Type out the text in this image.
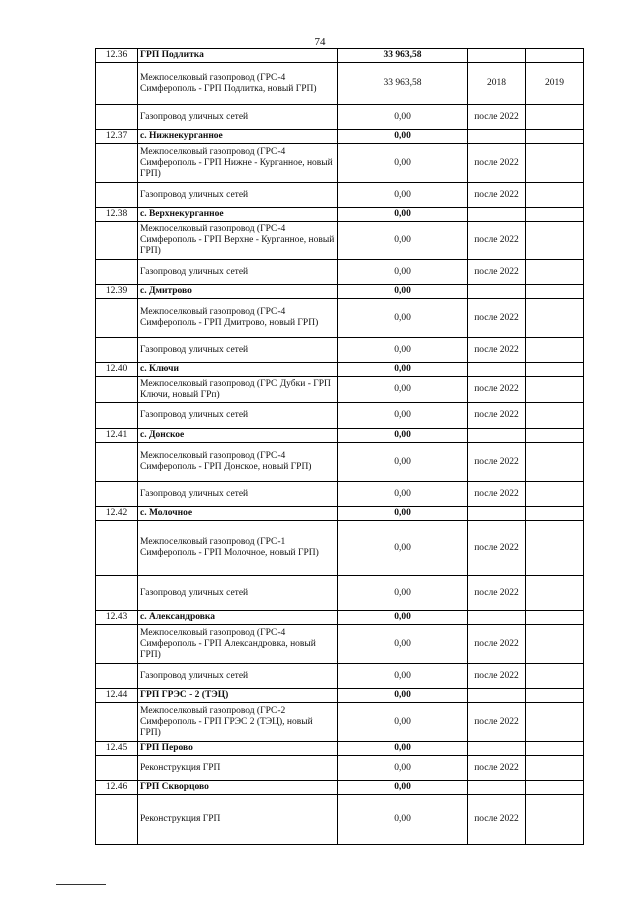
74
12.36	ГРП Подлитка	33 963,58		
	Межпоселковый газопровод (ГРС-4 Симферополь - ГРП Подлитка, новый ГРП)	33 963,58	2018	2019
	Газопровод уличных сетей	0,00	после 2022	
12.37	с. Нижнекурганное	0,00		
	Межпоселковый газопровод (ГРС-4 Симферополь - ГРП Нижне - Курганное, новый ГРП)	0,00	после 2022	
	Газопровод уличных сетей	0,00	после 2022	
12.38	с. Верхнекурганное	0,00		
	Межпоселковый газопровод (ГРС-4 Симферополь - ГРП Верхне - Курганное, новый ГРП)	0,00	после 2022	
	Газопровод уличных сетей	0,00	после 2022	
12.39	с. Дмитрово	0,00		
	Межпоселковый газопровод (ГРС-4 Симферополь - ГРП Дмитрово, новый ГРП)	0,00	после 2022	
	Газопровод уличных сетей	0,00	после 2022	
12.40	с. Ключи	0,00		
	Межпоселковый газопровод (ГРС Дубки - ГРП Ключи, новый ГРп)	0,00	после 2022	
	Газопровод уличных сетей	0,00	после 2022	
12.41	с. Донское	0,00		
	Межпоселковый газопровод (ГРС-4 Симферополь - ГРП Донское, новый ГРП)	0,00	после 2022	
	Газопровод уличных сетей	0,00	после 2022	
12.42	с. Молочное	0,00		
	Межпоселковый газопровод (ГРС-1 Симферополь - ГРП Молочное, новый ГРП)	0,00	после 2022	
	Газопровод уличных сетей	0,00	после 2022	
12.43	с. Александровка	0,00		
	Межпоселковый газопровод (ГРС-4 Симферополь - ГРП Александровка, новый ГРП)	0,00	после 2022	
	Газопровод уличных сетей	0,00	после 2022	
12.44	ГРП ГРЭС - 2 (ТЭЦ)	0,00		
	Межпоселковый газопровод (ГРС-2 Симферополь - ГРП ГРЭС 2 (ТЭЦ), новый ГРП)	0,00	после 2022	
12.45	ГРП Перово	0,00		
	Реконструкция ГРП	0,00	после 2022	
12.46	ГРП Скворцово	0,00		
	Реконструкция ГРП	0,00	после 2022	
